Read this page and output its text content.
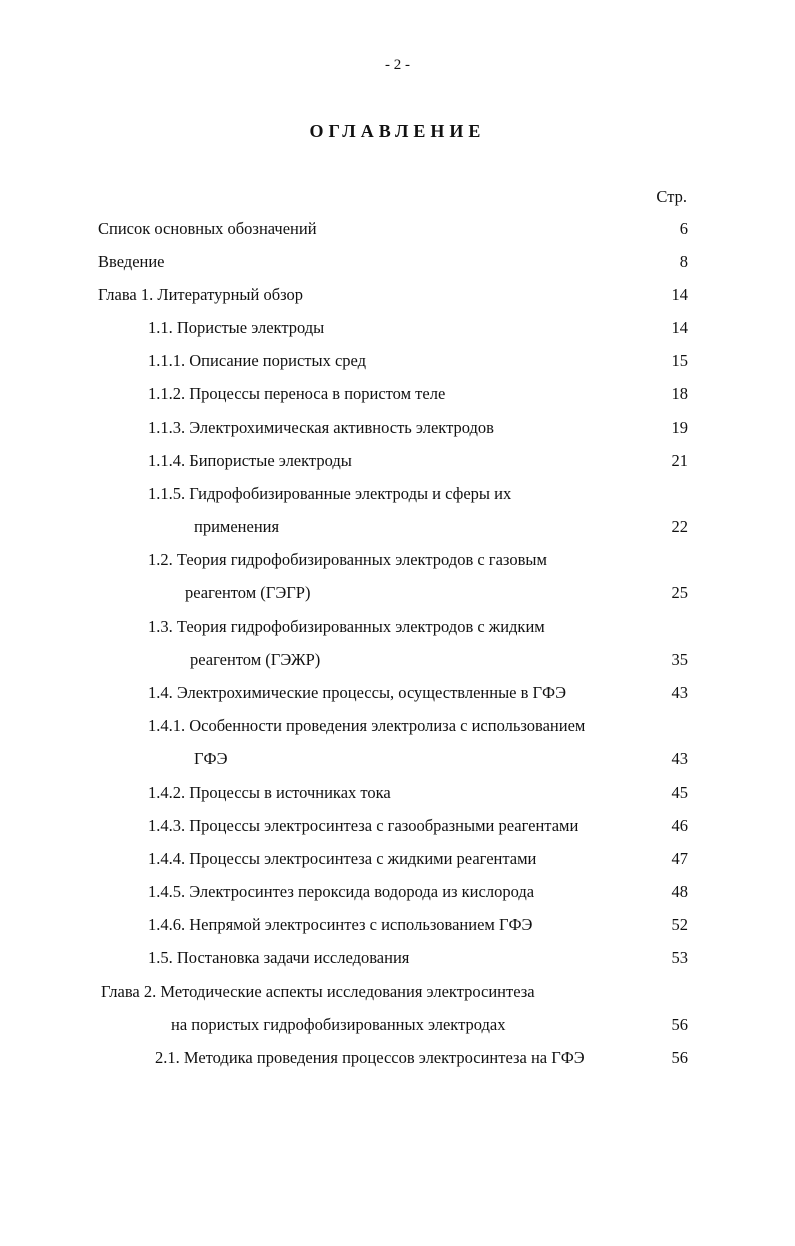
- 2 -
ОГЛАВЛЕНИЕ
Стр.
Список основных обозначений	6
Введение	8
Глава 1. Литературный обзор	14
1.1. Пористые электроды	14
1.1.1. Описание пористых сред	15
1.1.2. Процессы переноса в пористом теле	18
1.1.3. Электрохимическая активность электродов	19
1.1.4. Бипористые электроды	21
1.1.5. Гидрофобизированные электроды и сферы их
применения	22
1.2. Теория гидрофобизированных электродов с газовым
реагентом (ГЭГР)	25
1.3. Теория гидрофобизированных электродов с жидким
реагентом (ГЭЖР)	35
1.4. Электрохимические процессы, осуществленные в ГФЭ	43
1.4.1. Особенности проведения электролиза с использованием
ГФЭ	43
1.4.2. Процессы в источниках тока	45
1.4.3. Процессы электросинтеза с газообразными реагентами	46
1.4.4. Процессы электросинтеза с жидкими реагентами	47
1.4.5. Электросинтез пероксида водорода из кислорода	48
1.4.6. Непрямой электросинтез с использованием ГФЭ	52
1.5. Постановка задачи исследования	53
Глава 2. Методические аспекты исследования электросинтеза
на пористых гидрофобизированных электродах	56
2.1. Методика проведения процессов электросинтеза на ГФЭ	56
